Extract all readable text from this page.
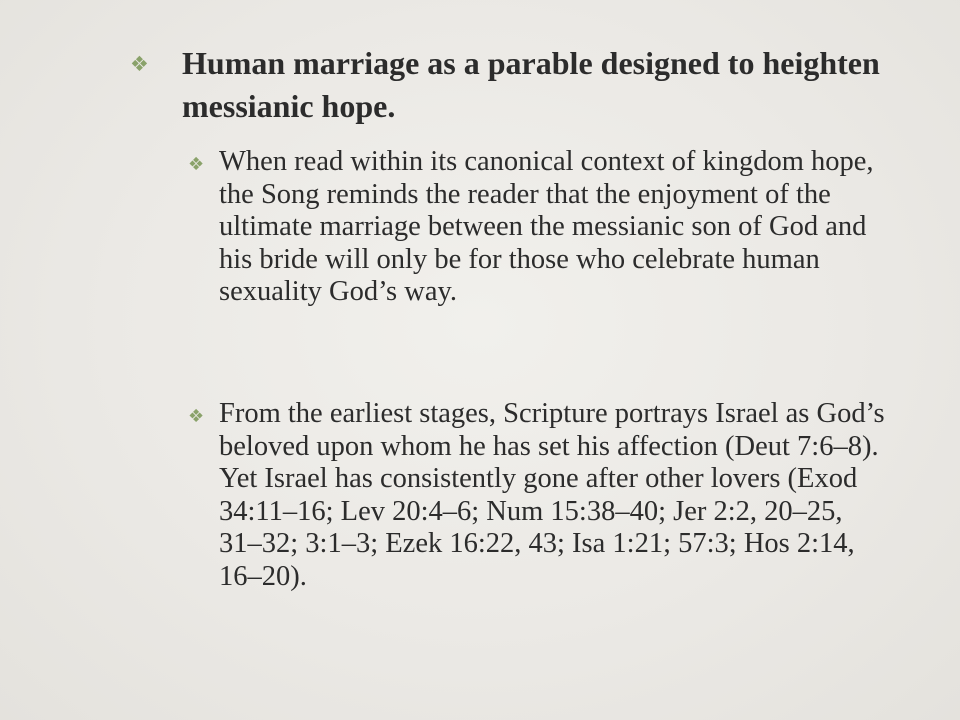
❖	Human marriage as a parable designed to heighten messianic hope.
❖ When read within its canonical context of kingdom hope, the Song reminds the reader that the enjoyment of the ultimate marriage between the messianic son of God and his bride will only be for those who celebrate human sexuality God’s way.
❖ From the earliest stages, Scripture portrays Israel as God’s beloved upon whom he has set his affection (Deut 7:6–8). Yet Israel has consistently gone after other lovers (Exod 34:11–16; Lev 20:4–6; Num 15:38–40; Jer 2:2, 20–25, 31–32; 3:1–3; Ezek 16:22, 43; Isa 1:21; 57:3; Hos 2:14, 16–20).
